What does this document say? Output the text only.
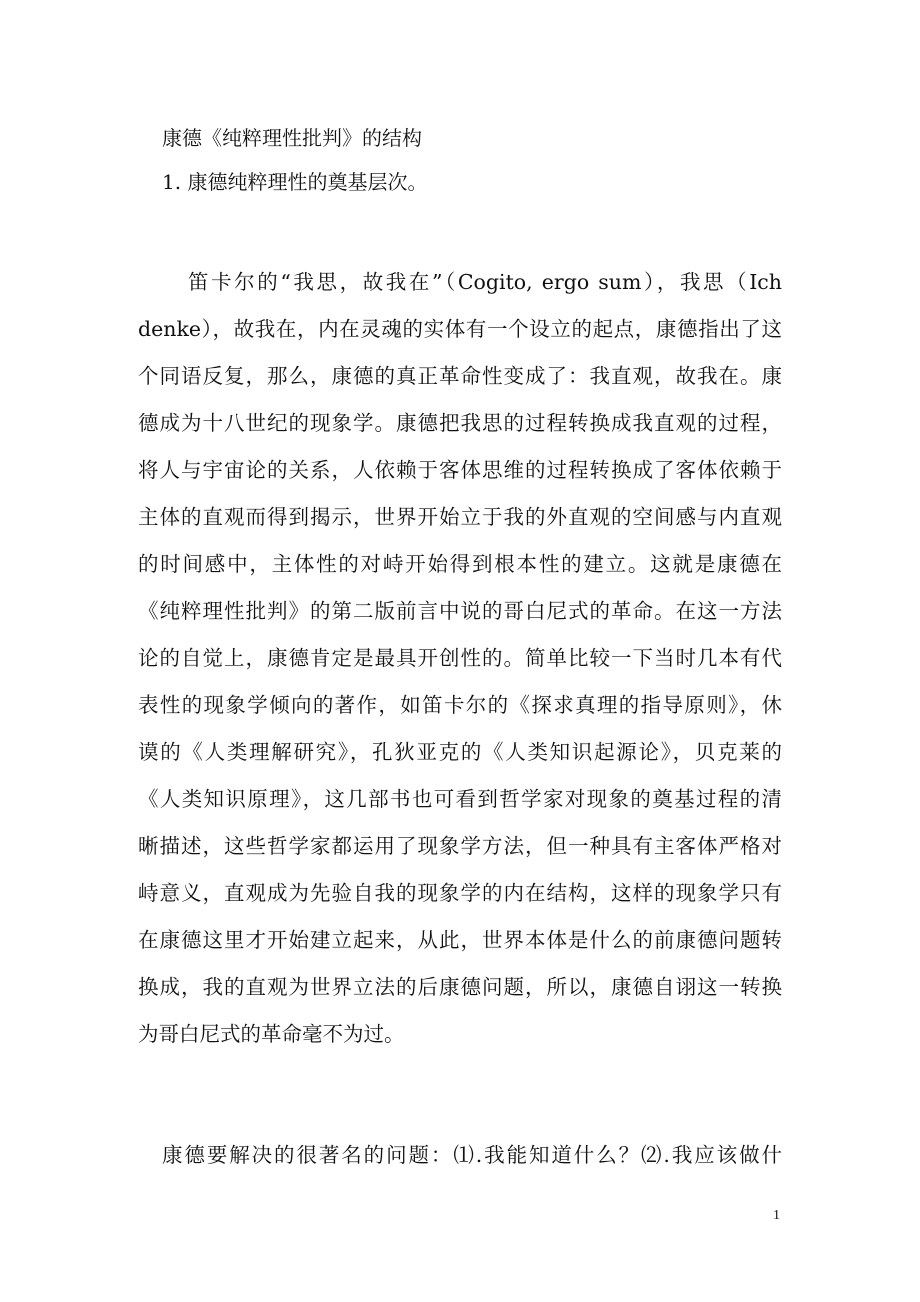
康德《纯粹理性批判》的结构
1. 康德纯粹理性的奠基层次。
笛卡尔的“我思，故我在”（Cogito, ergo sum），我思（Ich
denke），故我在，内在灵魂的实体有一个设立的起点，康德指出了这
个同语反复，那么，康德的真正革命性变成了：我直观，故我在。康
德成为十八世纪的现象学。康德把我思的过程转换成我直观的过程，
将人与宇宙论的关系，人依赖于客体思维的过程转换成了客体依赖于
主体的直观而得到揭示，世界开始立于我的外直观的空间感与内直观
的时间感中，主体性的对峙开始得到根本性的建立。这就是康德在
《纯粹理性批判》的第二版前言中说的哥白尼式的革命。在这一方法
论的自觉上，康德肯定是最具开创性的。简单比较一下当时几本有代
表性的现象学倾向的著作，如笛卡尔的《探求真理的指导原则》，休
谟的《人类理解研究》，孔狄亚克的《人类知识起源论》，贝克莱的
《人类知识原理》，这几部书也可看到哲学家对现象的奠基过程的清
晰描述，这些哲学家都运用了现象学方法，但一种具有主客体严格对
峙意义，直观成为先验自我的现象学的内在结构，这样的现象学只有
在康德这里才开始建立起来，从此，世界本体是什么的前康德问题转
换成，我的直观为世界立法的后康德问题，所以，康德自诩这一转换
为哥白尼式的革命毫不为过。
康德要解决的很著名的问题：⑴.我能知道什么？⑵.我应该做什
1
